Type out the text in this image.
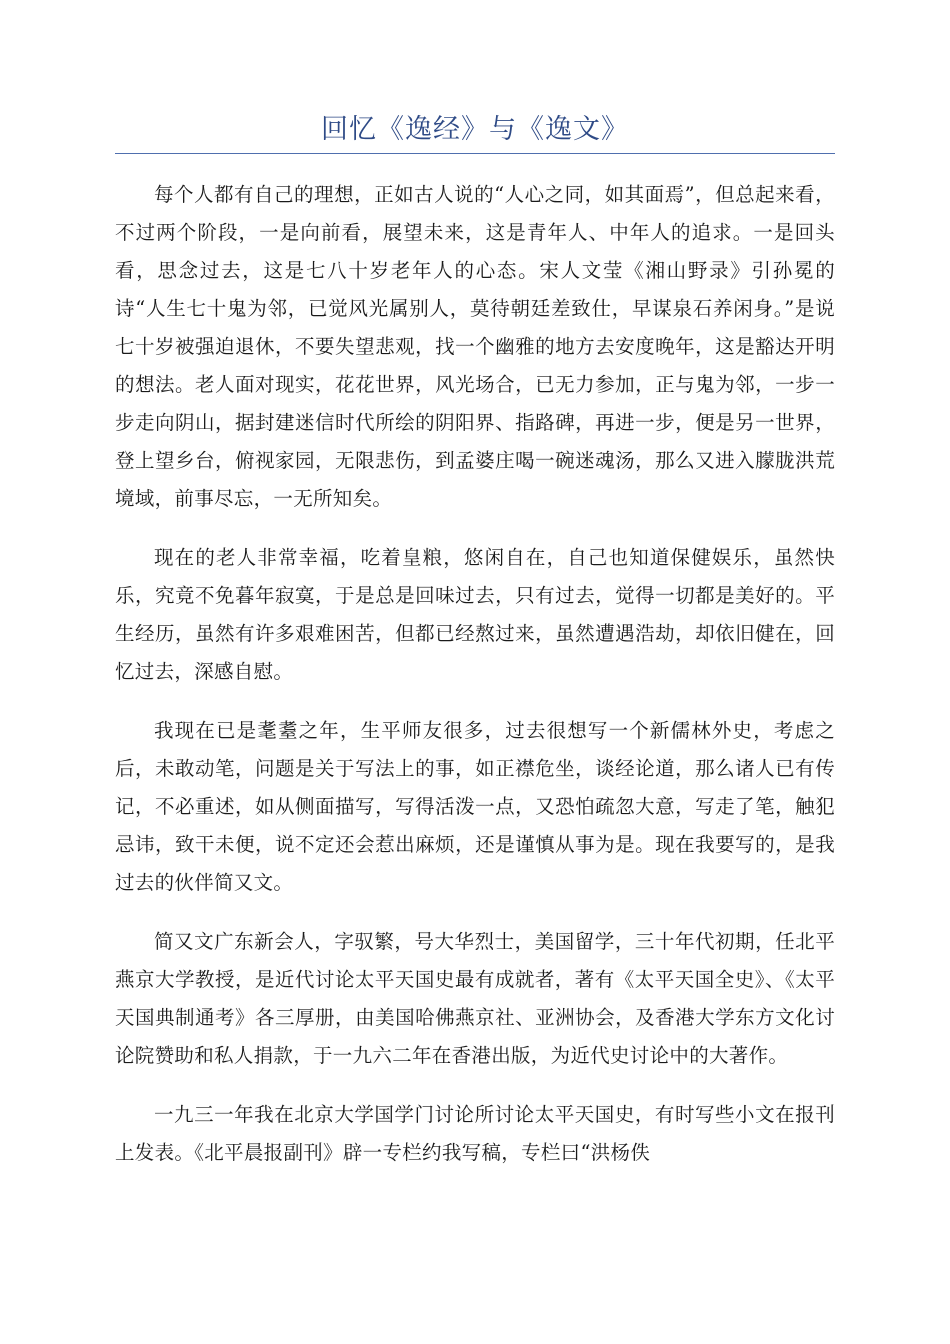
回忆《逸经》与《逸文》

每个人都有自己的理想，正如古人说的“人心之同，如其面焉”，但总起来看，不过两个阶段，一是向前看，展望未来，这是青年人、中年人的追求。一是回头看，思念过去，这是七八十岁老年人的心态。宋人文莹《湘山野录》引孙冕的诗“人生七十鬼为邻，已觉风光属别人，莫待朝廷差致仕，早谋泉石养闲身。”是说七十岁被强迫退休，不要失望悲观，找一个幽雅的地方去安度晚年，这是豁达开明的想法。老人面对现实，花花世界，风光场合，已无力参加，正与鬼为邻，一步一步走向阴山，据封建迷信时代所绘的阴阳界、指路碑，再进一步，便是另一世界，登上望乡台，俯视家园，无限悲伤，到孟婆庄喝一碗迷魂汤，那么又进入朦胧洪荒境域，前事尽忘，一无所知矣。

现在的老人非常幸福，吃着皇粮，悠闲自在，自己也知道保健娱乐，虽然快乐，究竟不免暮年寂寞，于是总是回味过去，只有过去，觉得一切都是美好的。平生经历，虽然有许多艰难困苦，但都已经熬过来，虽然遭遇浩劫，却依旧健在，回忆过去，深感自慰。

我现在已是耄耋之年，生平师友很多，过去很想写一个新儒林外史，考虑之后，未敢动笔，问题是关于写法上的事，如正襟危坐，谈经论道，那么诸人已有传记，不必重述，如从侧面描写，写得活泼一点，又恐怕疏忽大意，写走了笔，触犯忌讳，致干未便，说不定还会惹出麻烦，还是谨慎从事为是。现在我要写的，是我过去的伙伴简又文。

简又文广东新会人，字驭繁，号大华烈士，美国留学，三十年代初期，任北平燕京大学教授，是近代讨论太平天国史最有成就者，著有《太平天国全史》、《太平天国典制通考》各三厚册，由美国哈佛燕京社、亚洲协会，及香港大学东方文化讨论院赞助和私人捐款，于一九六二年在香港出版，为近代史讨论中的大著作。

一九三一年我在北京大学国学门讨论所讨论太平天国史，有时写些小文在报刊上发表。《北平晨报副刊》辟一专栏约我写稿，专栏曰“洪杨佚
